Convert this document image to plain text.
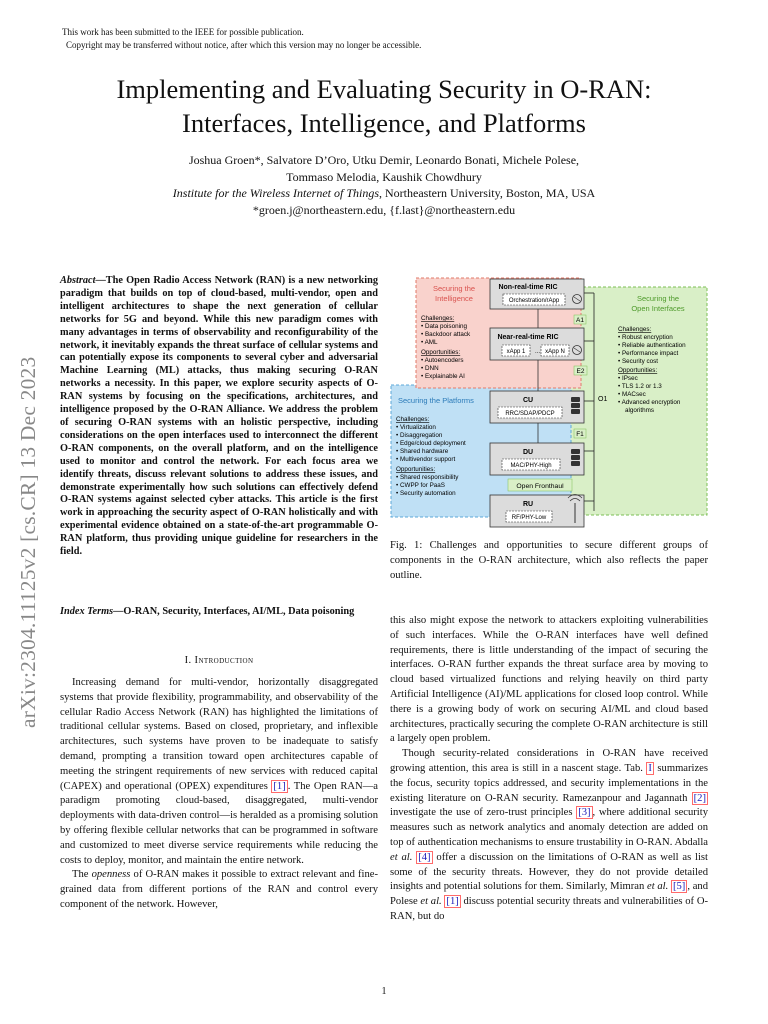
This work has been submitted to the IEEE for possible publication.
Copyright may be transferred without notice, after which this version may no longer be accessible.
Implementing and Evaluating Security in O-RAN:
Interfaces, Intelligence, and Platforms
Joshua Groen*, Salvatore D’Oro, Utku Demir, Leonardo Bonati, Michele Polese,
Tommaso Melodia, Kaushik Chowdhury
Institute for the Wireless Internet of Things, Northeastern University, Boston, MA, USA
*groen.j@northeastern.edu, {f.last}@northeastern.edu
arXiv:2304.11125v2 [cs.CR] 13 Dec 2023
Abstract—The Open Radio Access Network (RAN) is a new networking paradigm that builds on top of cloud-based, multi-vendor, open and intelligent architectures to shape the next generation of cellular networks for 5G and beyond. While this new paradigm comes with many advantages in terms of observability and reconfigurability of the network, it inevitably expands the threat surface of cellular systems and can potentially expose its components to several cyber and adversarial Machine Learning (ML) attacks, thus making securing O-RAN networks a necessity. In this paper, we explore security aspects of O-RAN systems by focusing on the specifications, architectures, and intelligence proposed by the O-RAN Alliance. We address the problem of securing O-RAN systems with an holistic perspective, including considerations on the open interfaces used to interconnect the different O-RAN components, on the overall platform, and on the intelligence used to monitor and control the network. For each focus area we identify threats, discuss relevant solutions to address these issues, and demonstrate experimentally how such solutions can effectively defend O-RAN systems against selected cyber attacks. This article is the first work in approaching the security aspect of O-RAN holistically and with experimental evidence obtained on a state-of-the-art programmable O-RAN platform, thus providing unique guideline for researchers in the field.
Index Terms—O-RAN, Security, Interfaces, AI/ML, Data poisoning
I. Introduction

Increasing demand for multi-vendor, horizontally disaggregated systems that provide flexibility, programmability, and observability of the cellular Radio Access Network (RAN) has highlighted the limitations of traditional cellular systems. Based on closed, proprietary, and inflexible architectures, such systems have proven to be inadequate to satisfy demand, prompting a transition toward open architectures capable of meeting the stringent requirements of new services with reduced capital (CAPEX) and operational (OPEX) expenditures [1] . The Open RAN—a paradigm promoting cloud-based, disaggregated, multi-vendor deployments with data-driven control—is heralded as a promising solution by offering flexible cellular networks that can be programmed in software and customized to meet diverse service requirements while reducing the costs to deploy, monitor, and maintain the entire network.

The openness of O-RAN makes it possible to extract relevant and fine-grained data from different portions of the RAN and control every component of the network. However,

Securing the
Intelligence
Challenges:
• Data poisoning
• Backdoor attack
• AML
Opportunities:
• Autoencoders
• DNN
• Explainable AI
Securing the
Open Interfaces
Challenges:
• Robust encryption
• Reliable authentication
• Performance impact
• Security cost
Opportunities:
• IPsec
• TLS 1.2 or 1.3
• MACsec
• Advanced encryption
algorithms
Securing the Platforms
Challenges:
• Virtualization
• Disaggregation
• Edge/cloud deployment
• Shared hardware
• Multivendor support
Opportunities:
• Shared responsibility
• CWPP for PaaS
• Security automation
O1
Non-real-time RIC
Orchestration/rApp
A1
Near-real-time RIC
xApp 1 ... xApp N
E2
CU
RRC/SDAP/PDCP
F1
DU
MAC/PHY-High
Open Fronthaul
RU
RF/PHY-Low
Fig. 1: Challenges and opportunities to secure different groups of components in the O-RAN architecture, which also reflects the paper outline.

this also might expose the network to attackers exploiting vulnerabilities of such interfaces. While the O-RAN interfaces have well defined requirements, there is little understanding of the impact of securing the interfaces. O-RAN further expands the threat surface area by moving to cloud based virtualized functions and relying heavily on third party Artificial Intelligence (AI)/ML applications for closed loop control. While there is a growing body of work on securing AI/ML and cloud based architectures, practically securing the complete O-RAN architecture is still a largely open problem.

Though security-related considerations in O-RAN have received growing attention, this area is still in a nascent stage. Tab. I summarizes the focus, security topics addressed, and security implementations in the existing literature on O-RAN security. Ramezanpour and Jagannath [2] investigate the use of zero-trust principles [3] , where additional security measures such as network analytics and anomaly detection are added on top of authentication mechanisms to ensure trustability in O-RAN. Abdalla et al. [4] offer a discussion on the limitations of O-RAN as well as list some of the security threats. However, they do not provide detailed insights and potential solutions for them. Similarly, Mimran et al. [5] , and Polese et al. [1] discuss potential security threats and vulnerabilities of O-RAN, but do

1
